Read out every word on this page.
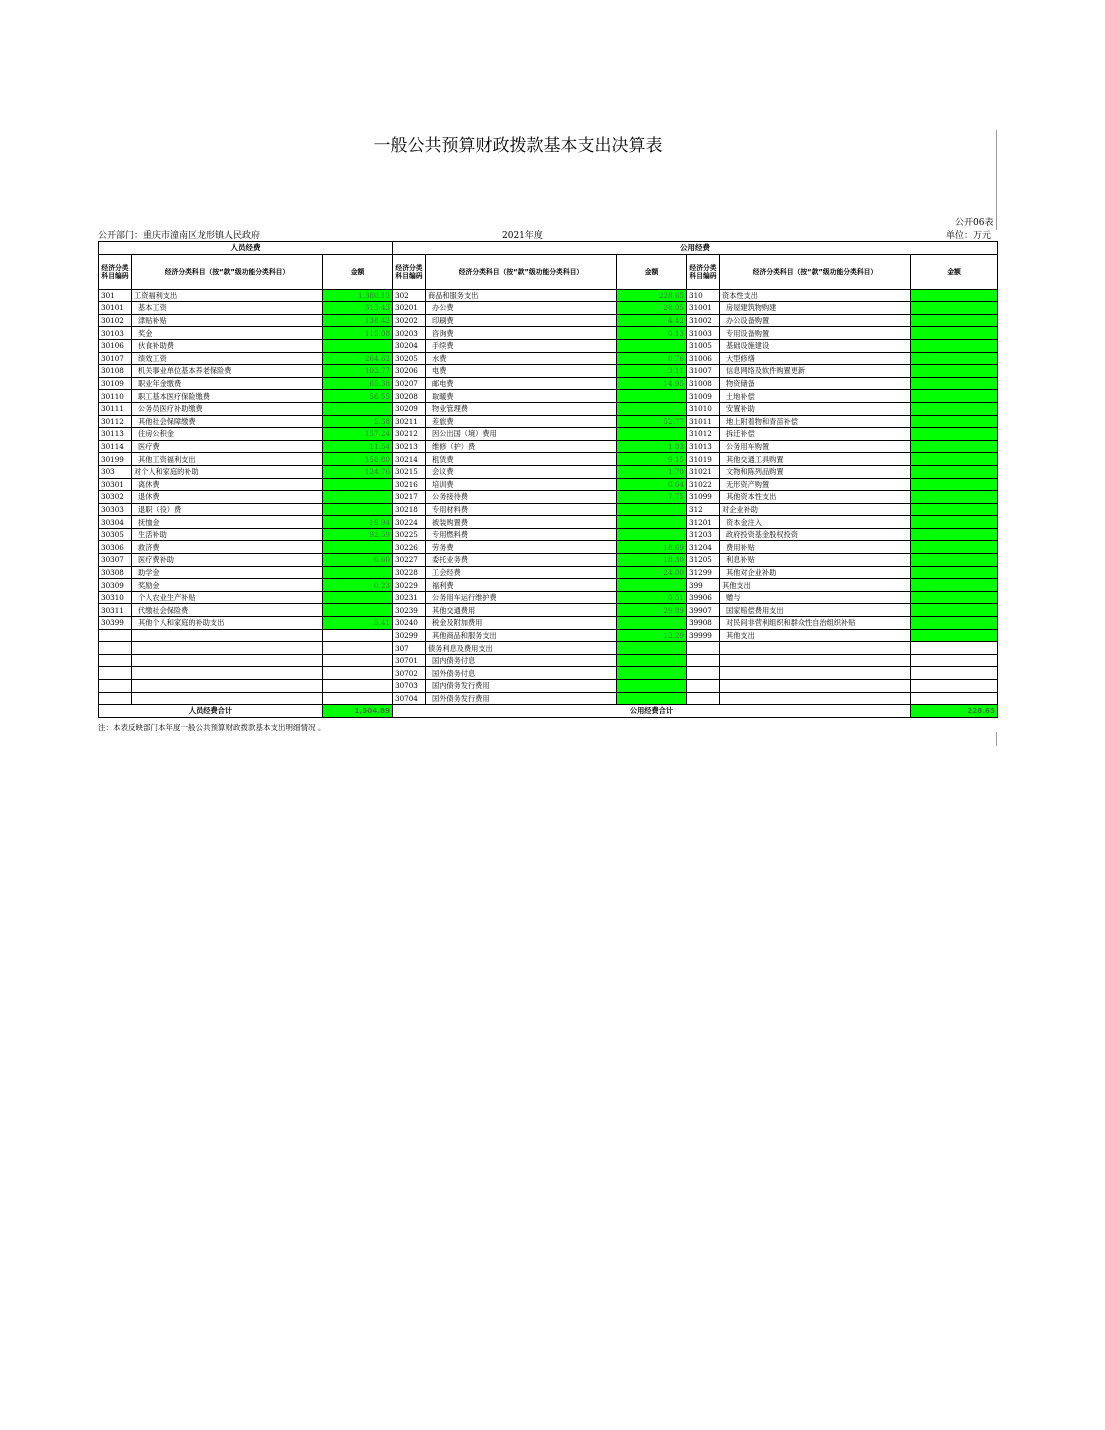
一般公共预算财政拨款基本支出决算表
公开06表
公开部门：重庆市潼南区龙形镇人民政府	2021年度	单位：万元
人员经费			公用经费					
经济分类科目编码	经济分类科目（按“款”级功能分类科目）	金额	经济分类科目编码	经济分类科目（按“款”级功能分类科目）	金额	经济分类科目编码	经济分类科目（按“款”级功能分类科目）	金额
301	工资福利支出	1,380.13	302	商品和服务支出	228.65	310	资本性支出	
30101	基本工资	313.43	30201	办公费	28.05	31001	房屋建筑物购建	
30102	津贴补贴	138.42	30202	印刷费	4.42	31002	办公设备购置	
30103	奖金	115.08	30203	咨询费	0.13	31003	专用设备购置	
30106	伙食补助费		30204	手续费		31005	基础设施建设	
30107	绩效工资	264.62	30205	水费	0.76	31006	大型修缮	
30108	机关事业单位基本养老保险费	103.77	30206	电费	3.11	31007	信息网络及软件购置更新	
30109	职业年金缴费	65.38	30207	邮电费	14.95	31008	物资储备	
30110	职工基本医疗保险缴费	56.55	30208	取暖费		31009	土地补偿	
30111	公务员医疗补助缴费		30209	物业管理费		31010	安置补助	
30112	其他社会保障缴费	5.38	30211	差旅费	52.77	31011	地上附着物和青苗补偿	
30113	住房公积金	157.24	30212	因公出国（境）费用		31012	拆迁补偿	
30114	医疗费	11.54	30213	维修（护）费	1.03	31013	公务用车购置	
30199	其他工资福利支出	158.80	30214	租赁费	9.15	31019	其他交通工具购置	
303	对个人和家庭的补助	124.76	30215	会议费	1.70	31021	文物和陈列品购置	
30301	离休费		30216	培训费	0.64	31022	无形资产购置	
30302	退休费		30217	公务接待费	7.75	31099	其他资本性支出	
30303	退职（役）费		30218	专用材料费		312	对企业补助	
30304	抚恤金	19.94	30224	被装购置费		31201	资本金注入	
30305	生活补助	92.59	30225	专用燃料费		31203	政府投资基金股权投资	
30306	救济费		30226	劳务费	18.69	31204	费用补贴	
30307	医疗费补助	6.60	30227	委托业务费	18.30	31205	利息补贴	
30308	助学金		30228	工会经费	24.00	31299	其他对企业补助	
30309	奖励金	0.23	30229	福利费		399	其他支出	
30310	个人农业生产补贴		30231	公务用车运行维护费	0.51	39906	赠与	
30311	代缴社会保险费		30239	其他交通费用	29.89	39907	国家赔偿费用支出	
30399	其他个人和家庭的补助支出	5.41	30240	税金及附加费用		39908	对民间非营利组织和群众性自治组织补贴	
			30299	其他商品和服务支出	13.29	39999	其他支出	
			307	债务利息及费用支出				
			30701	国内债务付息				
			30702	国外债务付息				
			30703	国内债务发行费用				
			30704	国外债务发行费用				
人员经费合计		1,504.89	公用经费合计					228.65
注：本表反映部门本年度一般公共预算财政拨款基本支出明细情况 。
